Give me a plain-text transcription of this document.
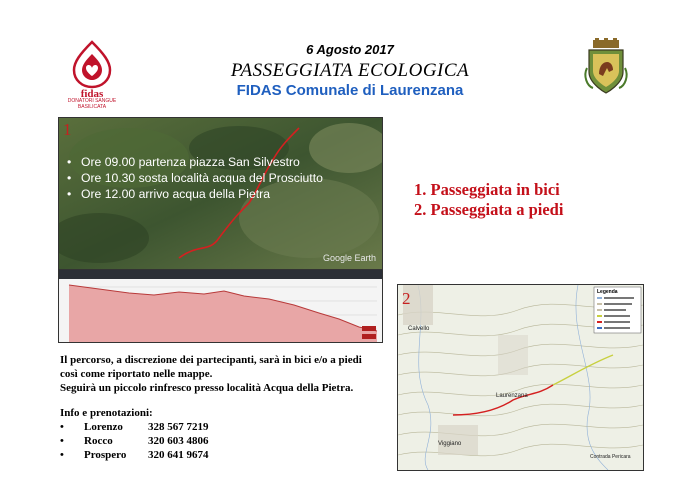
6 Agosto 2017
PASSEGGIATA ECOLOGICA
FIDAS Comunale di Laurenzana
fidas
DONATORI SANGUE
BASILICATA
1
• Ore 09.00 partenza piazza San Silvestro
• Ore 10.30 sosta località acqua del Prosciutto
• Ore 12.00 arrivo acqua della Pietra
Google Earth
1. Passeggiata in bici
2. Passeggiata a piedi
Legenda
Calvello
Laurenzana
Viggiano
Contrada Pericara
2
Il percorso, a discrezione dei partecipanti, sarà in bici e/o a piedi
così come riportato nelle mappe.
Seguirà un piccolo rinfresco presso località Acqua della Pietra.
Info e prenotazioni:
• Lorenzo 328 567 7219
• Rocco	320 603 4806
• Prospero 320 641 9674
